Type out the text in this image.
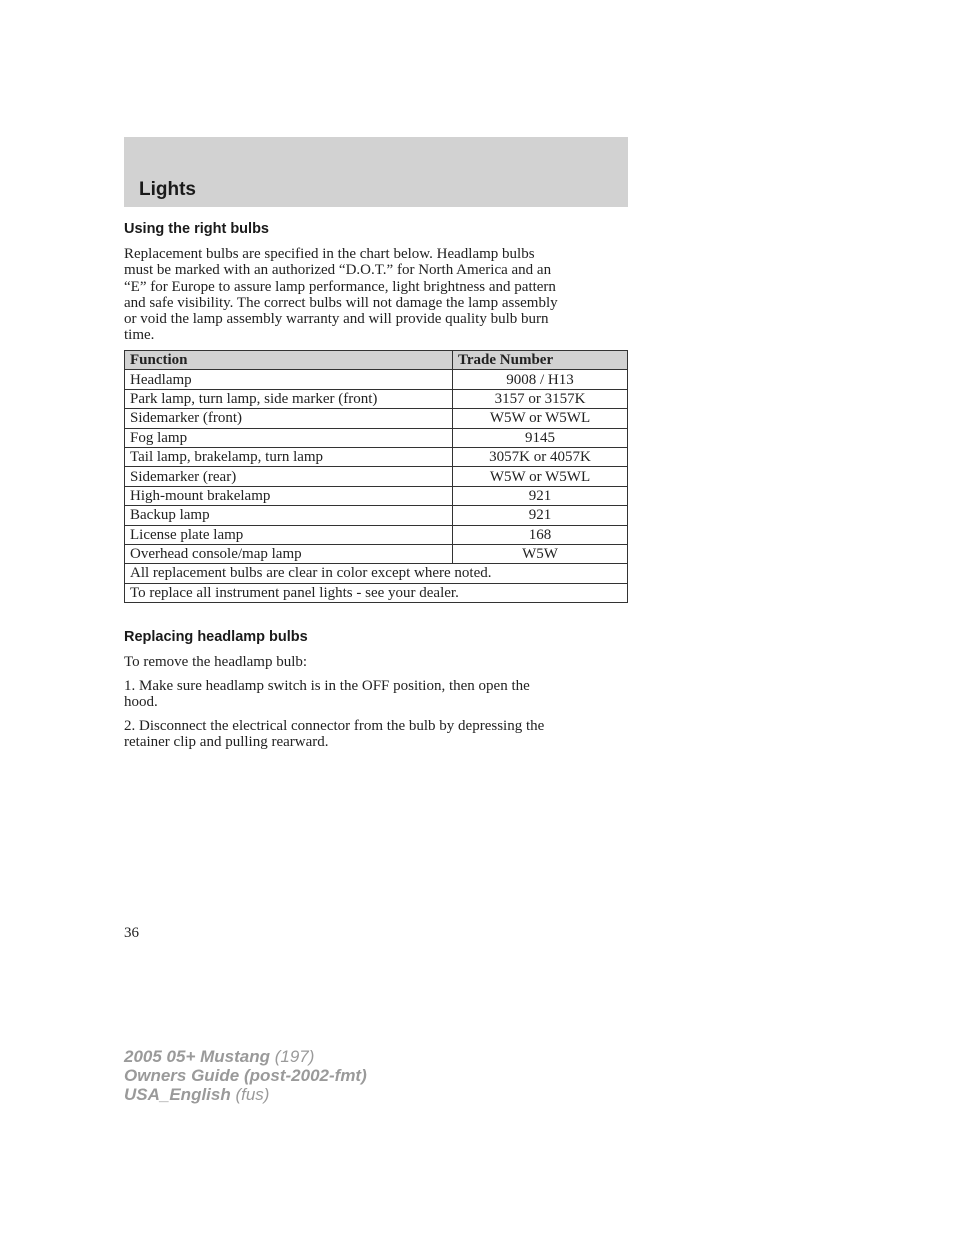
Lights
Using the right bulbs
Replacement bulbs are specified in the chart below. Headlamp bulbs
must be marked with an authorized “D.O.T.” for North America and an
“E” for Europe to assure lamp performance, light brightness and pattern
and safe visibility. The correct bulbs will not damage the lamp assembly
or void the lamp assembly warranty and will provide quality bulb burn
time.
Function	Trade Number
Headlamp	9008 / H13
Park lamp, turn lamp, side marker (front)	3157 or 3157K
Sidemarker (front)	W5W or W5WL
Fog lamp	9145
Tail lamp, brakelamp, turn lamp	3057K or 4057K
Sidemarker (rear)	W5W or W5WL
High-mount brakelamp	921
Backup lamp	921
License plate lamp	168
Overhead console/map lamp	W5W
All replacement bulbs are clear in color except where noted.	
To replace all instrument panel lights - see your dealer.	
Replacing headlamp bulbs
To remove the headlamp bulb:
1. Make sure headlamp switch is in the OFF position, then open the
hood.
2. Disconnect the electrical connector from the bulb by depressing the
retainer clip and pulling rearward.
36
2005 05+ Mustang (197)
Owners Guide (post-2002-fmt)
USA_English (fus)
